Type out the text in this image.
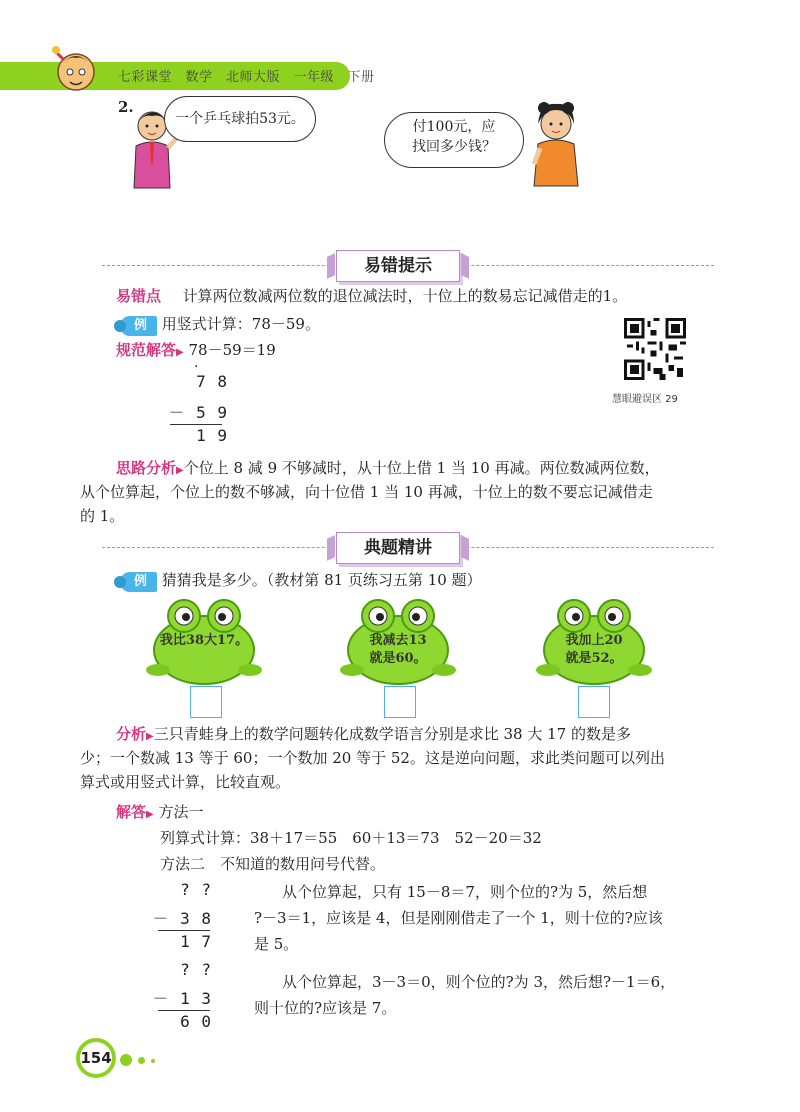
七彩课堂　数学　北师大版　一年级　下册
2.
一个乒乓球拍53元。	付100元，应
找回多少钱？
易错提示
易错点 计算两位数减两位数的退位减法时，十位上的数易忘记减借走的1。
例 用竖式计算：78－59。
规范解答▶ 78－59＝19
·
7 8
－ 5 9
1 9
慧眼避误区 29
思路分析▶个位上 8 减 9 不够减时，从十位上借 1 当 10 再减。两位数减两位数，
从个位算起，个位上的数不够减，向十位借 1 当 10 再减，十位上的数不要忘记减借走
的 1。
典题精讲
例 猜猜我是多少。（教材第 81 页练习五第 10 题）
我比38大17。	我减去13
就是60。
我加上20
就是52。
分析▶三只青蛙身上的数学问题转化成数学语言分别是求比 38 大 17 的数是多
少；一个数减 13 等于 60；一个数加 20 等于 52。这是逆向问题，求此类问题可以列出
算式或用竖式计算，比较直观。
解答▶ 方法一
列算式计算：38＋17＝55　60＋13＝73　52－20＝32
方法二　不知道的数用问号代替。
? ?
－ 3 8
1 7
? ?
－ 1 3
6 0
从个位算起，只有 15－8＝7，则个位的?为 5，然后想
?－3＝1，应该是 4，但是刚刚借走了一个 1，则十位的?应该
是 5。
从个位算起，3－3＝0，则个位的?为 3，然后想?－1＝6，
则十位的?应该是 7。
154
